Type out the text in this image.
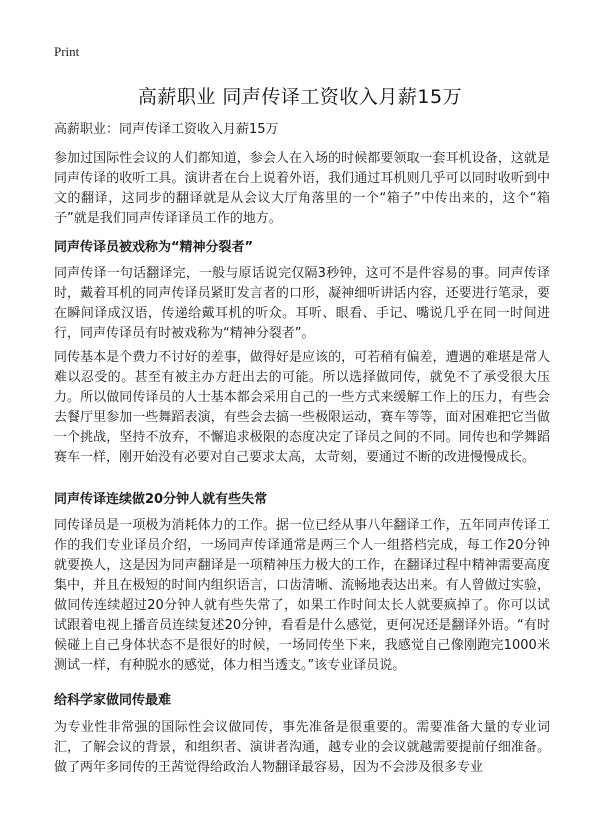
Print
高薪职业 同声传译工资收入月薪15万
高薪职业：同声传译工资收入月薪15万

参加过国际性会议的人们都知道，参会人在入场的时候都要领取一套耳机设备，这就是同声传译的收听工具。演讲者在台上说着外语，我们通过耳机则几乎可以同时收听到中文的翻译，这同步的翻译就是从会议大厅角落里的一个“箱子”中传出来的，这个“箱子”就是我们同声传译译员工作的地方。

同声传译员被戏称为“精神分裂者”

同声传译一句话翻译完，一般与原话说完仅隔3秒钟，这可不是件容易的事。同声传译时，戴着耳机的同声传译员紧盯发言者的口形，凝神细听讲话内容，还要进行笔录，要在瞬间译成汉语，传递给戴耳机的听众。耳听、眼看、手记、嘴说几乎在同一时间进行，同声传译员有时被戏称为“精神分裂者”。

同传基本是个费力不讨好的差事，做得好是应该的，可若稍有偏差，遭遇的难堪是常人难以忍受的。甚至有被主办方赶出去的可能。所以选择做同传，就免不了承受很大压力。所以做同传译员的人士基本都会采用自己的一些方式来缓解工作上的压力，有些会去餐厅里参加一些舞蹈表演，有些会去搞一些极限运动，赛车等等，面对困难把它当做一个挑战，坚持不放弃，不懈追求极限的态度决定了译员之间的不同。同传也和学舞蹈赛车一样，刚开始没有必要对自己要求太高，太苛刻，要通过不断的改进慢慢成长。

同声传译连续做20分钟人就有些失常

同传译员是一项极为消耗体力的工作。据一位已经从事八年翻译工作，五年同声传译工作的我们专业译员介绍，一场同声传译通常是两三个人一组搭档完成，每工作20分钟就要换人，这是因为同声翻译是一项精神压力极大的工作，在翻译过程中精神需要高度集中，并且在极短的时间内组织语言，口齿清晰、流畅地表达出来。有人曾做过实验，做同传连续超过20分钟人就有些失常了，如果工作时间太长人就要疯掉了。你可以试试跟着电视上播音员连续复述20分钟，看看是什么感觉，更何况还是翻译外语。“有时候碰上自己身体状态不是很好的时候，一场同传坐下来，我感觉自己像刚跑完1000米测试一样，有种脱水的感觉，体力相当透支。”该专业译员说。

给科学家做同传最难

为专业性非常强的国际性会议做同传，事先准备是很重要的。需要准备大量的专业词汇，了解会议的背景，和组织者、演讲者沟通，越专业的会议就越需要提前仔细准备。做了两年多同传的王茜觉得给政治人物翻译最容易，因为不会涉及很多专业
